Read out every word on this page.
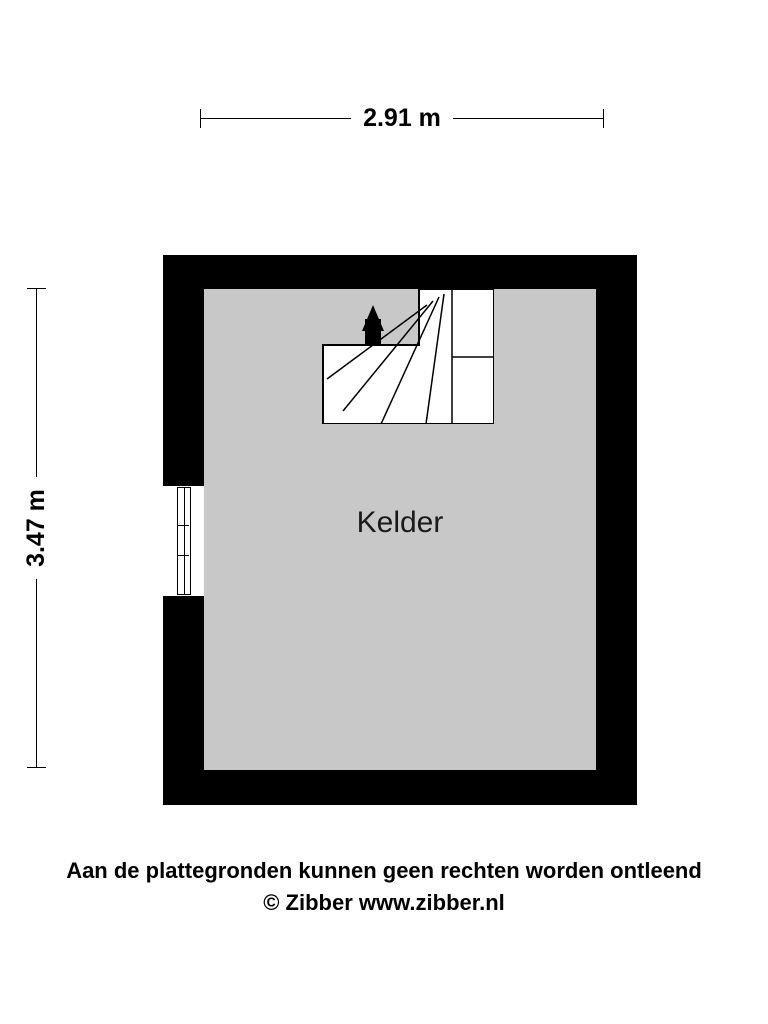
2.91 m
3.47 m	Kelder
Aan de plattegronden kunnen geen rechten worden ontleend
© Zibber www.zibber.nl
